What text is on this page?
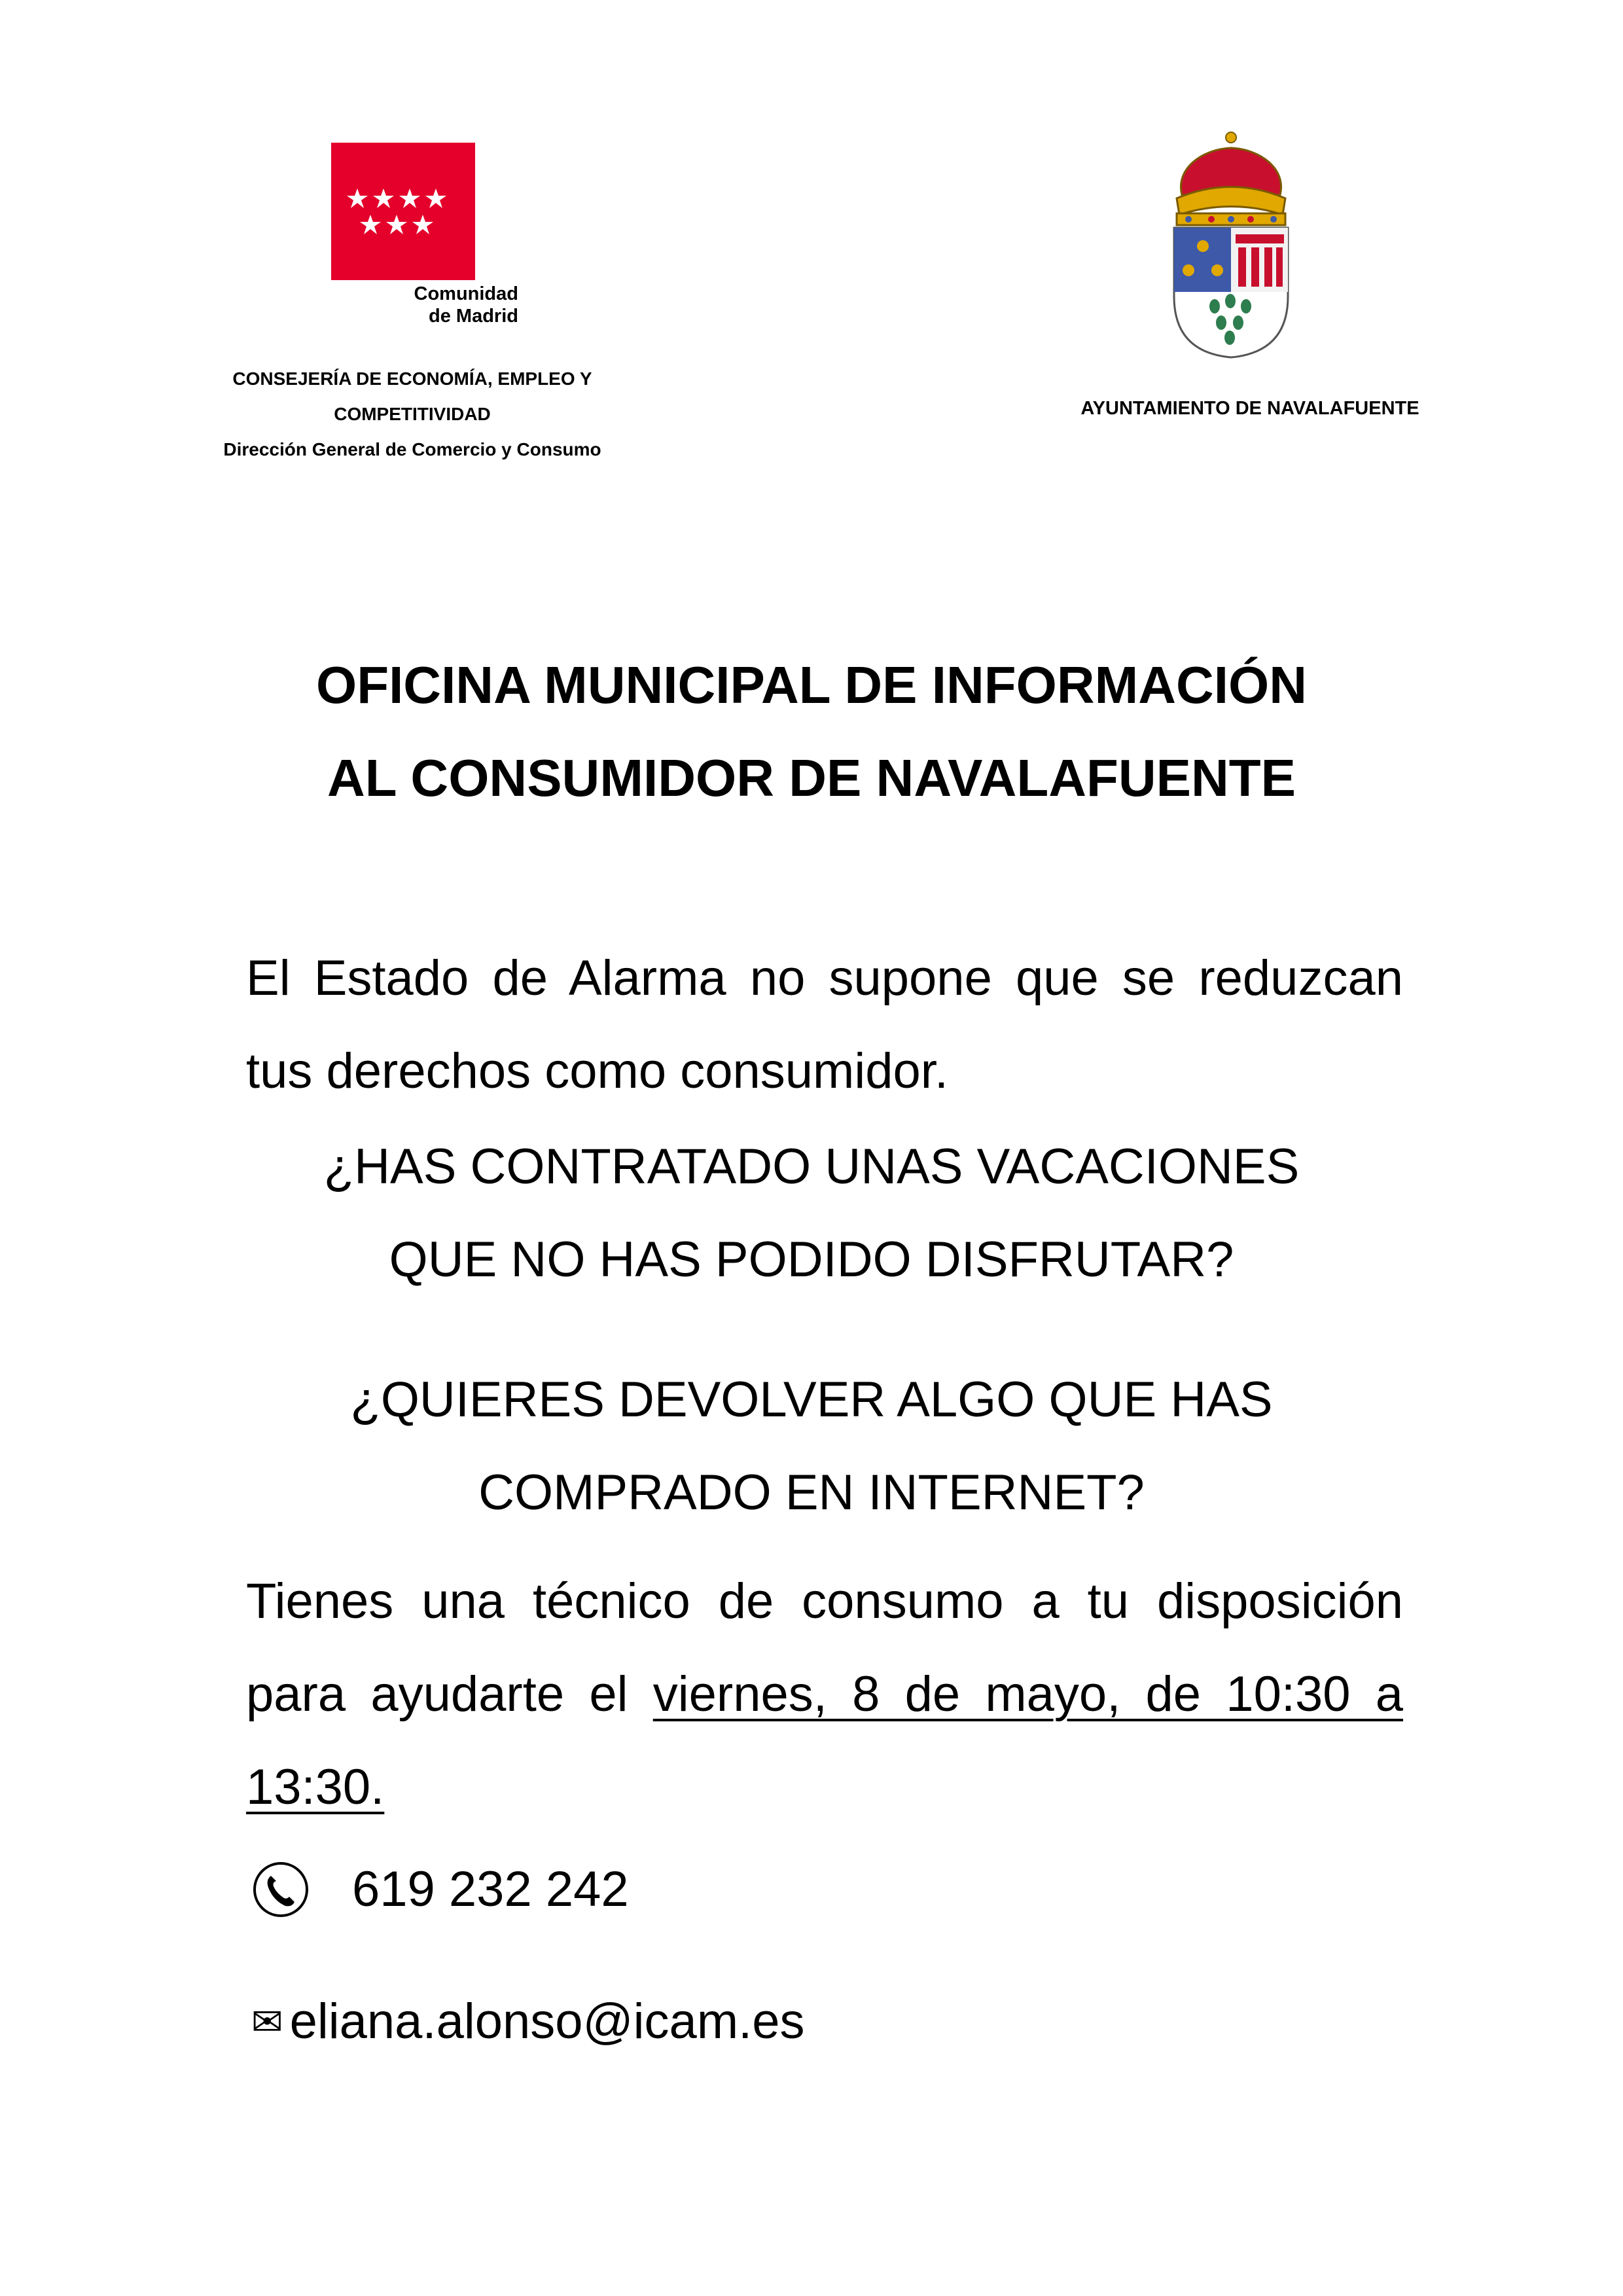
Comunidad
de Madrid
CONSEJERÍA DE ECONOMÍA, EMPLEO Y
COMPETITIVIDAD
Dirección General de Comercio y Consumo
AYUNTAMIENTO DE NAVALAFUENTE
OFICINA MUNICIPAL DE INFORMACIÓN
AL CONSUMIDOR DE NAVALAFUENTE
El Estado de Alarma no supone que se reduzcan tus derechos como consumidor.
¿HAS CONTRATADO UNAS VACACIONES
QUE NO HAS PODIDO DISFRUTAR?
¿QUIERES DEVOLVER ALGO QUE HAS
COMPRADO EN INTERNET?
Tienes una técnico de consumo a tu disposición para ayudarte el viernes, 8 de mayo, de 10:30 a 13:30.
619 232 242
✉ eliana.alonso@icam.es
